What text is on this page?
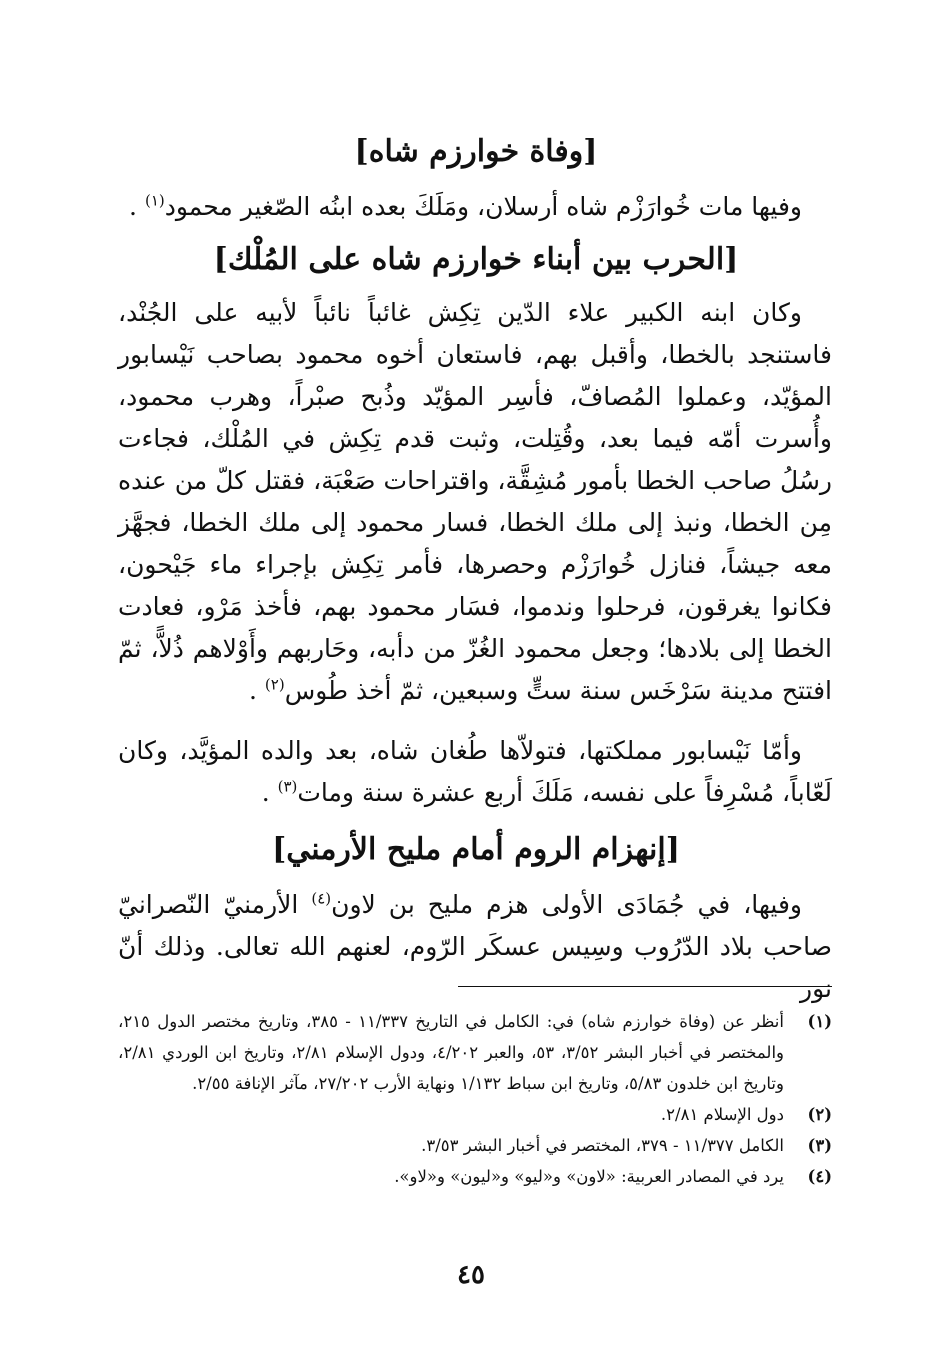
[وفاة خوارزم شاه]

وفيها مات خُوارَزْم شاه أرسلان، ومَلَكَ بعده ابنُه الصّغير محمود$^{(١)}$ .

[الحرب بين أبناء خوارزم شاه على المُلْك]

وكان ابنه الكبير علاء الدّين تِكِش غائباً نائباً لأبيه على الجُنْد، فاستنجد بالخطا، وأقبل بهم، فاستعان أخوه محمود بصاحب نَيْسابور المؤيّد، وعملوا المُصافّ، فأسِر المؤيّد وذُبح صبْراً، وهرب محمود، وأُسرت أمّه فيما بعد، وقُتِلت، وثبت قدم تِكِش في المُلْك، فجاءت رسُلُ صاحب الخطا بأمور مُشِقَّة، واقتراحات صَعْبَة، فقتل كلّ من عنده مِن الخطا، ونبذ إلى ملك الخطا، فسار محمود إلى ملك الخطا، فجهَّز معه جيشاً، فنازل خُوارَزْم وحصرها، فأمر تِكِش بإجراء ماء جَيْحون، فكانوا يغرقون، فرحلوا وندموا، فسَار محمود بهم، فأخذ مَرْو، فعادت الخطا إلى بلادها؛ وجعل محمود الغُزّ من دأبه، وحَاربهم وأَوْلاهم ذُلاًّ، ثمّ افتتح مدينة سَرْخَس سنة ستٍّ وسبعين، ثمّ أخذ طُوس$^{(٢)}$ .

وأمّا نَيْسابور مملكتها، فتولاّها طُغان شاه، بعد والده المؤيَّد، وكان لَعّاباً، مُسْرِفاً على نفسه، مَلَكَ أربع عشرة سنة ومات$^{(٣)}$ .

[إنهزام الروم أمام مليح الأرمني]

وفيها، في جُمَادَى الأولى هزم مليح بن لاون$^{(٤)}$ الأرمنيّ النّصرانيّ صاحب بلاد الدّرُوب وسِيس عسكَر الرّوم، لعنهم الله تعالى. وذلك أنّ نور

(١)
أنظر عن (وفاة خوارزم شاه) في: الكامل في التاريخ ١١/٣٣٧ - ٣٨٥، وتاريخ مختصر الدول ٢١٥، والمختصر في أخبار البشر ٣/٥٢، ٥٣، والعبر ٤/٢٠٢، ودول الإسلام ٢/٨١، وتاريخ ابن الوردي ٢/٨١، وتاريخ ابن خلدون ٥/٨٣، وتاريخ ابن سباط ١/١٣٢ ونهاية الأرب ٢٧/٢٠٢، مآثر الإنافة ٢/٥٥.
(٢)
دول الإسلام ٢/٨١.
(٣)
الكامل ١١/٣٧٧ - ٣٧٩، المختصر في أخبار البشر ٣/٥٣.
(٤)
يرد في المصادر العربية: «لاون» و«ليو» و«ليون» و«لاو».
٤٥
